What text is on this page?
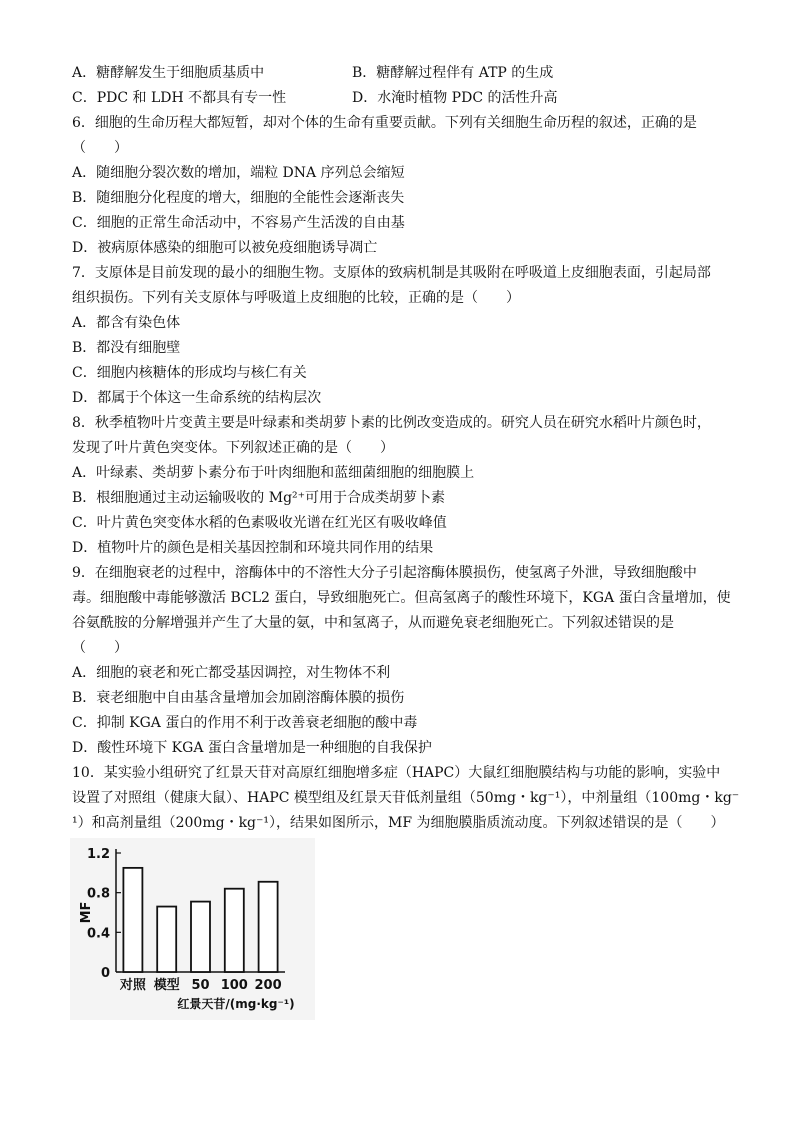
A．糖酵解发生于细胞质基质中	B．糖酵解过程伴有 ATP 的生成
C．PDC 和 LDH 不都具有专一性	D．水淹时植物 PDC 的活性升高
6．细胞的生命历程大都短暂，却对个体的生命有重要贡献。下列有关细胞生命历程的叙述，正确的是
（　　）
A．随细胞分裂次数的增加，端粒 DNA 序列总会缩短
B．随细胞分化程度的增大，细胞的全能性会逐渐丧失
C．细胞的正常生命活动中，不容易产生活泼的自由基
D．被病原体感染的细胞可以被免疫细胞诱导凋亡
7．支原体是目前发现的最小的细胞生物。支原体的致病机制是其吸附在呼吸道上皮细胞表面，引起局部
组织损伤。下列有关支原体与呼吸道上皮细胞的比较，正确的是（　　）
A．都含有染色体
B．都没有细胞壁
C．细胞内核糖体的形成均与核仁有关
D．都属于个体这一生命系统的结构层次
8．秋季植物叶片变黄主要是叶绿素和类胡萝卜素的比例改变造成的。研究人员在研究水稻叶片颜色时，
发现了叶片黄色突变体。下列叙述正确的是（　　）
A．叶绿素、类胡萝卜素分布于叶肉细胞和蓝细菌细胞的细胞膜上
B．根细胞通过主动运输吸收的 Mg²⁺可用于合成类胡萝卜素
C．叶片黄色突变体水稻的色素吸收光谱在红光区有吸收峰值
D．植物叶片的颜色是相关基因控制和环境共同作用的结果
9．在细胞衰老的过程中，溶酶体中的不溶性大分子引起溶酶体膜损伤，使氢离子外泄，导致细胞酸中
毒。细胞酸中毒能够激活 BCL2 蛋白，导致细胞死亡。但高氢离子的酸性环境下，KGA 蛋白含量增加，使
谷氨酰胺的分解增强并产生了大量的氨，中和氢离子，从而避免衰老细胞死亡。下列叙述错误的是
（　　）
A．细胞的衰老和死亡都受基因调控，对生物体不利
B．衰老细胞中自由基含量增加会加剧溶酶体膜的损伤
C．抑制 KGA 蛋白的作用不利于改善衰老细胞的酸中毒
D．酸性环境下 KGA 蛋白含量增加是一种细胞的自我保护
10．某实验小组研究了红景天苷对高原红细胞增多症（HAPC）大鼠红细胞膜结构与功能的影响，实验中
设置了对照组（健康大鼠）、HAPC 模型组及红景天苷低剂量组（50mg・kg⁻¹），中剂量组（100mg・kg⁻
¹）和高剂量组（200mg・kg⁻¹），结果如图所示，MF 为细胞膜脂质流动度。下列叙述错误的是（　　）
0
0.4
0.8
1.2
MF
对照 模型 50 100 200
红景天苷/(mg·kg⁻¹)
